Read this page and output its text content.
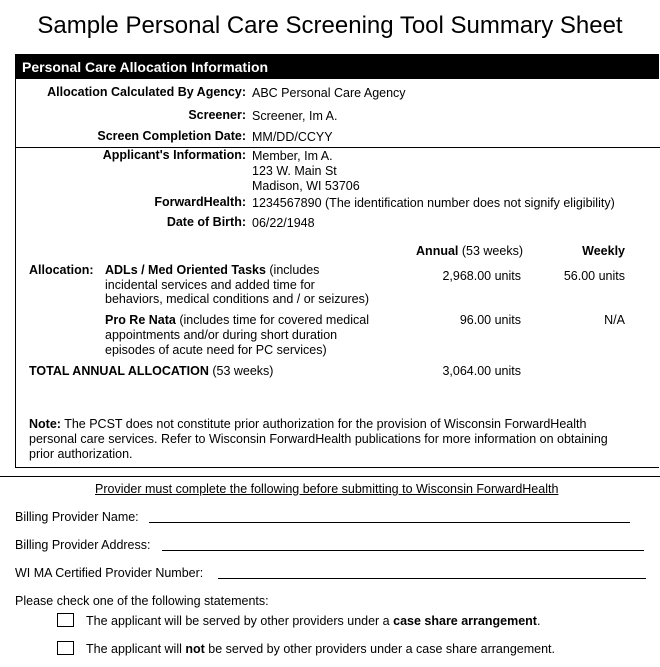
Sample Personal Care Screening Tool Summary Sheet
Personal Care Allocation Information
Allocation Calculated By Agency: ABC Personal Care Agency
Screener: Screener, Im A.
Screen Completion Date: MM/DD/CCYY
Applicant's Information: Member, Im A.
123 W. Main St
Madison, WI 53706
ForwardHealth: 1234567890 (The identification number does not signify eligibility)
Date of Birth: 06/22/1948
Annual (53 weeks)	Weekly
Allocation: ADLs / Med Oriented Tasks (includes
incidental services and added time for
behaviors, medical conditions and / or seizures)
2,968.00 units	56.00 units
Pro Re Nata (includes time for covered medical
appointments and/or during short duration
episodes of acute need for PC services)
96.00 units	N/A
TOTAL ANNUAL ALLOCATION (53 weeks)	3,064.00 units
Note: The PCST does not constitute prior authorization for the provision of Wisconsin ForwardHealth
personal care services. Refer to Wisconsin ForwardHealth publications for more information on obtaining
prior authorization.
Provider must complete the following before submitting to Wisconsin ForwardHealth
Billing Provider Name:
Billing Provider Address:
WI MA Certified Provider Number:
Please check one of the following statements:
The applicant will be served by other providers under a case share arrangement.
The applicant will not be served by other providers under a case share arrangement.
